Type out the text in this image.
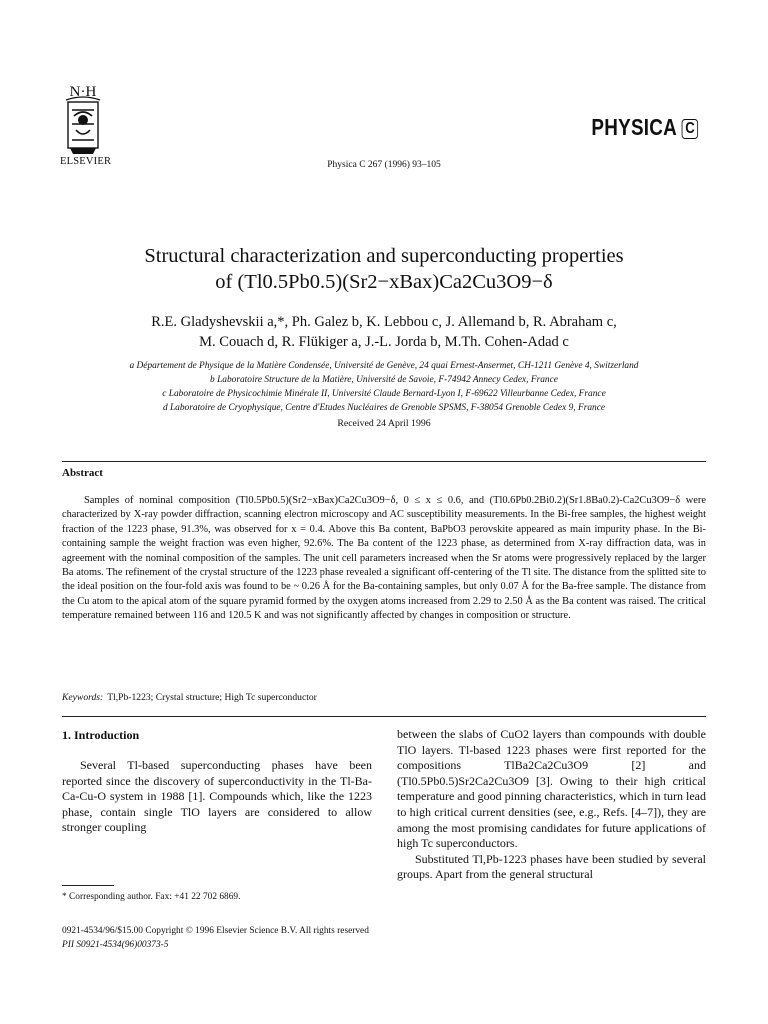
N·H
ELSEVIER	Physica C 267 (1996) 93–105
PHYSICA C
Structural characterization and superconducting properties
of (Tl0.5Pb0.5)(Sr2−xBax)Ca2Cu3O9−δ
R.E. Gladyshevskii a,*, Ph. Galez b, K. Lebbou c, J. Allemand b, R. Abraham c,
M. Couach d, R. Flükiger a, J.-L. Jorda b, M.Th. Cohen-Adad c
a Département de Physique de la Matière Condensée, Université de Genève, 24 quai Ernest-Ansermet, CH-1211 Genève 4, Switzerland
b Laboratoire Structure de la Matière, Université de Savoie, F-74942 Annecy Cedex, France
c Laboratoire de Physicochimie Minérale II, Université Claude Bernard-Lyon I, F-69622 Villeurbanne Cedex, France
d Laboratoire de Cryophysique, Centre d'Etudes Nucléaires de Grenoble SPSMS, F-38054 Grenoble Cedex 9, France
Received 24 April 1996
Abstract
Samples of nominal composition (Tl0.5Pb0.5)(Sr2−xBax)Ca2Cu3O9−δ, 0 ≤ x ≤ 0.6, and (Tl0.6Pb0.2Bi0.2)(Sr1.8Ba0.2)-Ca2Cu3O9−δ were characterized by X-ray powder diffraction, scanning electron microscopy and AC susceptibility measurements. In the Bi-free samples, the highest weight fraction of the 1223 phase, 91.3%, was observed for x = 0.4. Above this Ba content, BaPbO3 perovskite appeared as main impurity phase. In the Bi-containing sample the weight fraction was even higher, 92.6%. The Ba content of the 1223 phase, as determined from X-ray diffraction data, was in agreement with the nominal composition of the samples. The unit cell parameters increased when the Sr atoms were progressively replaced by the larger Ba atoms. The refinement of the crystal structure of the 1223 phase revealed a significant off-centering of the Tl site. The distance from the splitted site to the ideal position on the four-fold axis was found to be ~ 0.26 Å for the Ba-containing samples, but only 0.07 Å for the Ba-free sample. The distance from the Cu atom to the apical atom of the square pyramid formed by the oxygen atoms increased from 2.29 to 2.50 Å as the Ba content was raised. The critical temperature remained between 116 and 120.5 K and was not significantly affected by changes in composition or structure.
Keywords: Tl,Pb-1223; Crystal structure; High Tc superconductor
1. Introduction
Several Tl-based superconducting phases have been reported since the discovery of superconductivity in the Tl-Ba-Ca-Cu-O system in 1988 [1]. Compounds which, like the 1223 phase, contain single TlO layers are considered to allow stronger coupling
between the slabs of CuO2 layers than compounds with double TlO layers. Tl-based 1223 phases were first reported for the compositions TlBa2Ca2Cu3O9 [2] and (Tl0.5Pb0.5)Sr2Ca2Cu3O9 [3]. Owing to their high critical temperature and good pinning characteristics, which in turn lead to high critical current densities (see, e.g., Refs. [4–7]), they are among the most promising candidates for future applications of high Tc superconductors.
Substituted Tl,Pb-1223 phases have been studied by several groups. Apart from the general structural
* Corresponding author. Fax: +41 22 702 6869.
0921-4534/96/$15.00 Copyright © 1996 Elsevier Science B.V. All rights reserved
PII S0921-4534(96)00373-5
